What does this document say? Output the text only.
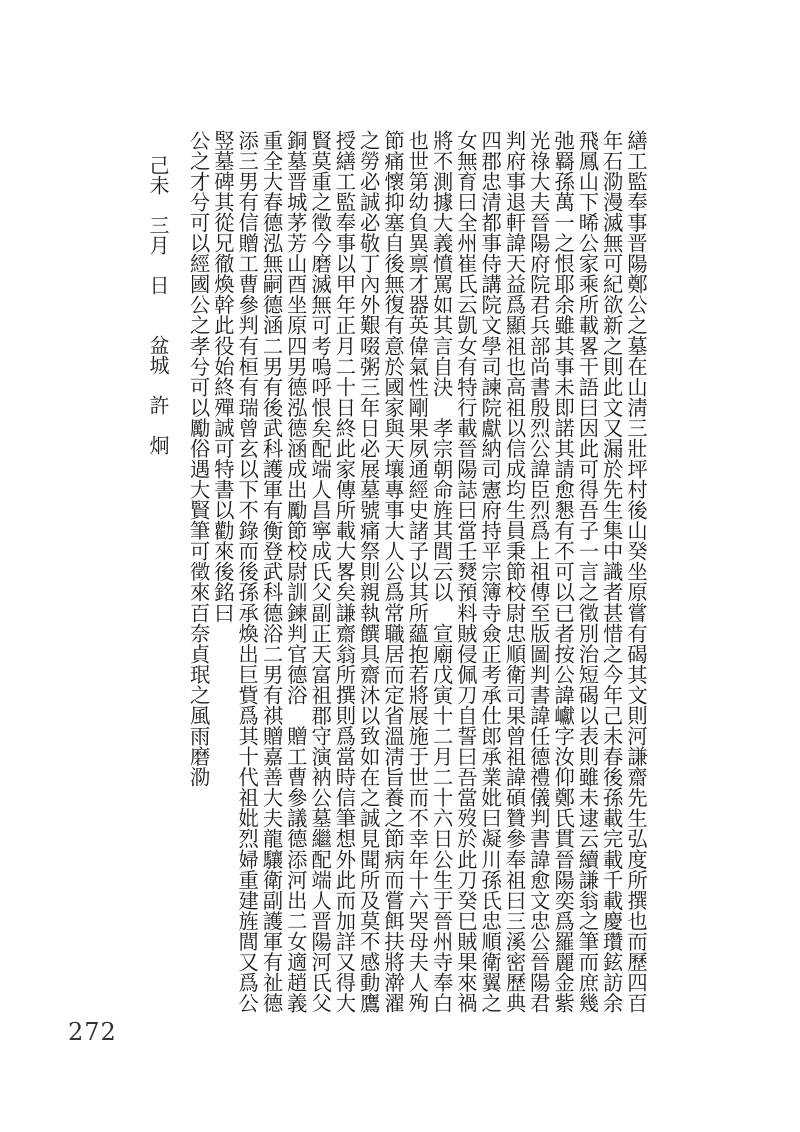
繕工監奉事晋陽鄭公之墓在山淸三壯坪村後山癸坐原嘗有碣其文則河謙齋先生弘度所撰也而歷四百
年石泐漫滅無可紀欲新之則此文又漏於先生集中識者甚惜之今年己未春後孫載完載千載慶瓚鉉訪余
飛鳳山下晞公家乘所載畧干語曰因此可得吾子一言之徵別治短碣以表則雖未逮云續謙翁之筆而庶幾
弛羇孫萬一之恨耶余雖其事未即諾其請愈懇有不可以已者按公諱巘字汝仰鄭氏貫晉陽奕爲羅麗金紫
光祿大夫晉陽府院君兵部尚書殷烈公諱臣烈爲上祖傳至版圖判書諱任德禮儀判書諱愈文忠公晉陽君
判府事退軒諱天益爲顯祖也高祖以信成均生員秉節校尉忠順衛司果曾祖諱碩贊參奉祖曰三溪密歷典
四郡忠清都事侍講院文學司諫院獻納司憲府持平宗簿寺僉正考承仕郎承業妣曰凝川孫氏忠順衛翼之
女無育曰全州崔氏云凱女有特行載晉陽誌曰當壬燹預料賊侵佩刀自誓曰吾當歿於此刀癸巳賊果來禍
將不測據大義憤罵如其言自決　孝宗朝命旌其閭云以　宣廟戊寅十二月二十六日公生于晉州寺奉白
也世第幼負異禀才器英偉氣性剛果夙通經史諸子以其所蘊抱若將展施于世而不幸年十六哭母夫人殉
節痛懷抑塞自後無復有意於國家與天壤專事大人公爲常職居而定省溫淸旨養之節病而嘗餌扶將澣濯
之勞必誠必敬丁內外艱啜粥三年日必展墓號痛祭則親執饌具齋沐以致如在之誠見聞所及莫不感動鷹
授繕工監奉事以甲年正月二十日終此家傳所載大畧矣謙齋翁所撰則爲當時信筆想外此而加詳又得大
賢莫重之徵今磨滅無可考嗚呼恨矣配端人昌寧成氏父副正天富祖郡守演衲公墓繼配端人晋陽河氏父
銅墓晋城茅芳山酉坐原四男德泓德涵成出勵節校尉訓鍊判官德浴　贈工曹參議德添河出二女適趙義
重全大春德泓無嗣德涵二男有後武科護軍有衡登武科德浴二男有祺贈嘉善大夫龍驤衛副護軍有祉德
添三男有信贈工曹參判有桓有瑞曾玄以下不錄而後孫承煥出巨貲爲其十代祖妣烈婦重建旌閭又爲公
竪墓碑其從兄徹煥幹此役始終殫誠可特書以勸來後銘曰
公之才兮可以經國公之孝兮可以勵俗遇大賢筆可徵來百奈貞珉之風雨磨泐
己未　三月　日　　盆城　許　炯
272
